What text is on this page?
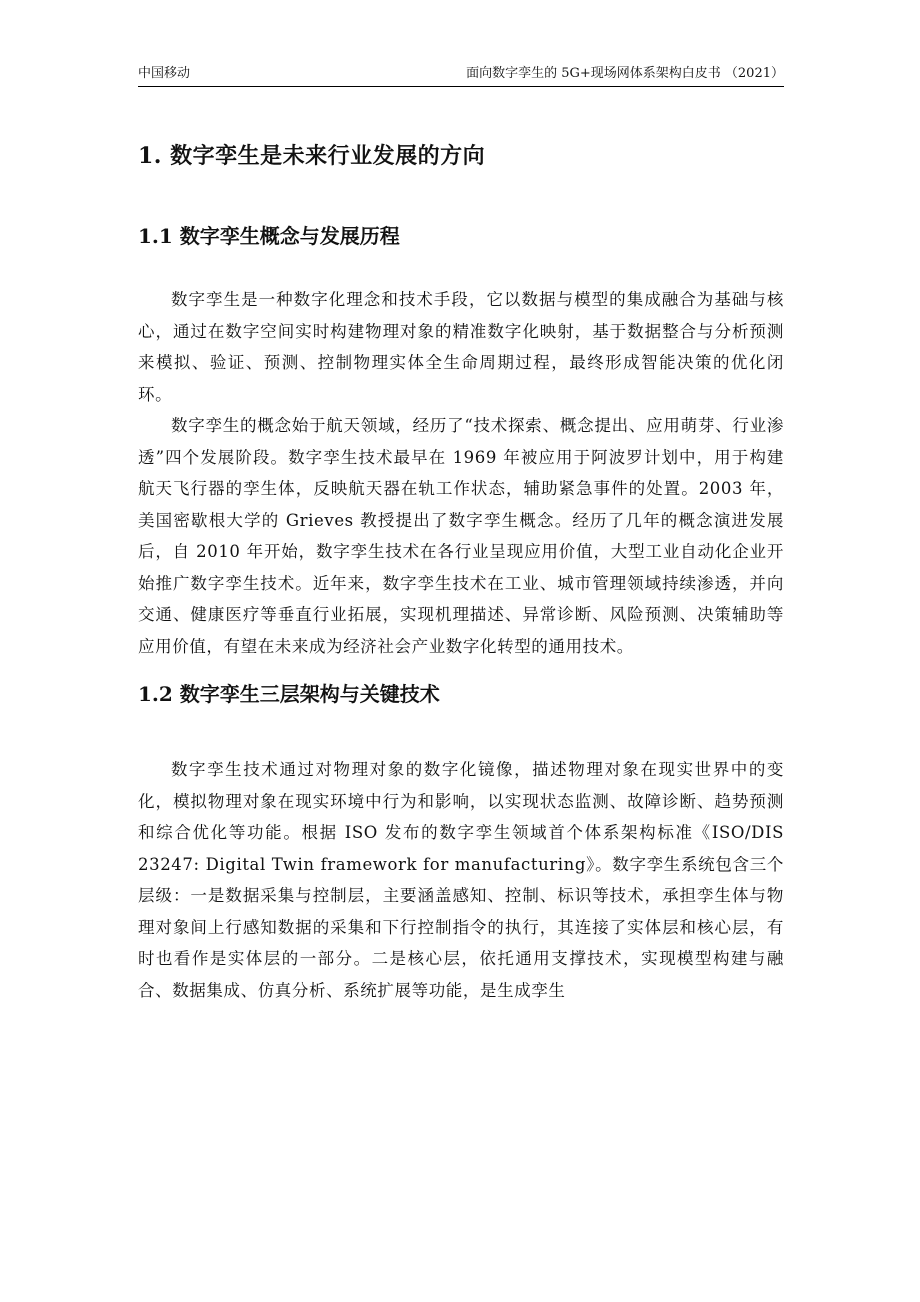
中国移动	面向数字孪生的 5G+现场网体系架构白皮书 （2021）
1. 数字孪生是未来行业发展的方向
1.1 数字孪生概念与发展历程

数字孪生是一种数字化理念和技术手段，它以数据与模型的集成融合为基础与核心，通过在数字空间实时构建物理对象的精准数字化映射，基于数据整合与分析预测来模拟、验证、预测、控制物理实体全生命周期过程，最终形成智能决策的优化闭环。

数字孪生的概念始于航天领域，经历了“技术探索、概念提出、应用萌芽、行业渗透”四个发展阶段。数字孪生技术最早在 1969 年被应用于阿波罗计划中，用于构建航天飞行器的孪生体，反映航天器在轨工作状态，辅助紧急事件的处置。2003 年，美国密歇根大学的 Grieves 教授提出了数字孪生概念。经历了几年的概念演进发展后，自 2010 年开始，数字孪生技术在各行业呈现应用价值，大型工业自动化企业开始推广数字孪生技术。近年来，数字孪生技术在工业、城市管理领域持续渗透，并向交通、健康医疗等垂直行业拓展，实现机理描述、异常诊断、风险预测、决策辅助等应用价值，有望在未来成为经济社会产业数字化转型的通用技术。

1.2 数字孪生三层架构与关键技术

数字孪生技术通过对物理对象的数字化镜像，描述物理对象在现实世界中的变化，模拟物理对象在现实环境中行为和影响，以实现状态监测、故障诊断、趋势预测和综合优化等功能。根据 ISO 发布的数字孪生领域首个体系架构标准《ISO/DIS 23247: Digital Twin framework for manufacturing》。数字孪生系统包含三个层级：一是数据采集与控制层，主要涵盖感知、控制、标识等技术，承担孪生体与物理对象间上行感知数据的采集和下行控制指令的执行，其连接了实体层和核心层，有时也看作是实体层的一部分。二是核心层，依托通用支撑技术，实现模型构建与融合、数据集成、仿真分析、系统扩展等功能，是生成孪生
